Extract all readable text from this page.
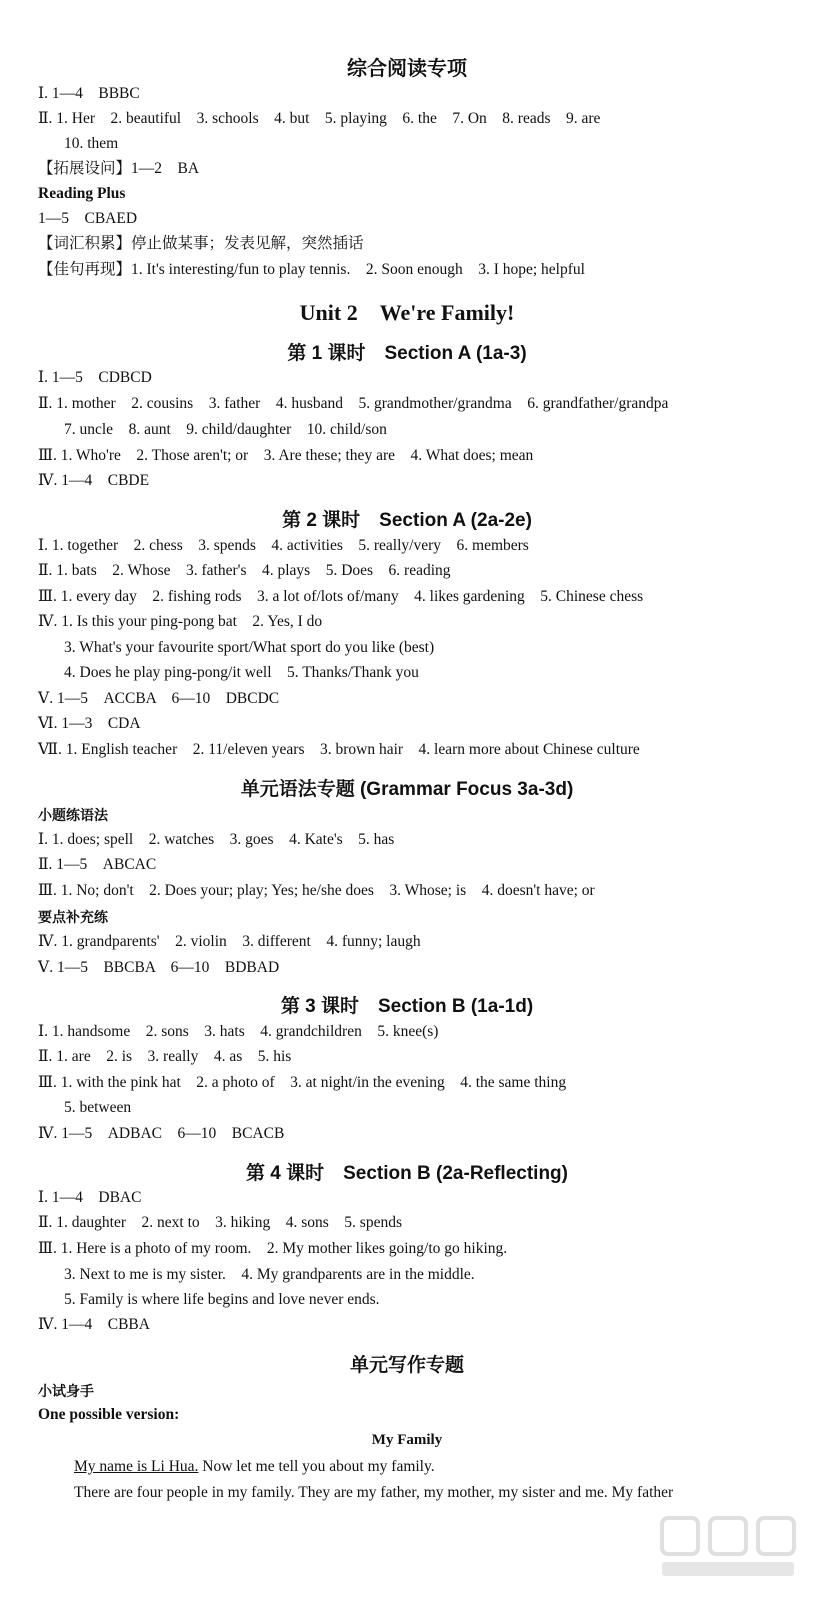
综合阅读专项
Ⅰ. 1—4　BBBC
Ⅱ. 1. Her　2. beautiful　3. schools　4. but　5. playing　6. the　7. On　8. reads　9. are
10. them
【拓展设问】1—2　BA
Reading Plus
1—5　CBAED
【词汇积累】停止做某事；发表见解，突然插话
【佳句再现】1. It's interesting/fun to play tennis.　2. Soon enough　3. I hope; helpful
Unit 2　We're Family!
第 1 课时　Section A (1a-3)
Ⅰ. 1—5　CDBCD
Ⅱ. 1. mother　2. cousins　3. father　4. husband　5. grandmother/grandma　6. grandfather/grandpa
7. uncle　8. aunt　9. child/daughter　10. child/son
Ⅲ. 1. Who're　2. Those aren't; or　3. Are these; they are　4. What does; mean
Ⅳ. 1—4　CBDE
第 2 课时　Section A (2a-2e)
Ⅰ. 1. together　2. chess　3. spends　4. activities　5. really/very　6. members
Ⅱ. 1. bats　2. Whose　3. father's　4. plays　5. Does　6. reading
Ⅲ. 1. every day　2. fishing rods　3. a lot of/lots of/many　4. likes gardening　5. Chinese chess
Ⅳ. 1. Is this your ping-pong bat　2. Yes, I do
3. What's your favourite sport/What sport do you like (best)
4. Does he play ping-pong/it well　5. Thanks/Thank you
Ⅴ. 1—5　ACCBA　6—10　DBCDC
Ⅵ. 1—3　CDA
Ⅶ. 1. English teacher　2. 11/eleven years　3. brown hair　4. learn more about Chinese culture
单元语法专题 (Grammar Focus 3a-3d)
小题练语法
Ⅰ. 1. does; spell　2. watches　3. goes　4. Kate's　5. has
Ⅱ. 1—5　ABCAC
Ⅲ. 1. No; don't　2. Does your; play; Yes; he/she does　3. Whose; is　4. doesn't have; or
要点补充练
Ⅳ. 1. grandparents'　2. violin　3. different　4. funny; laugh
Ⅴ. 1—5　BBCBA　6—10　BDBAD
第 3 课时　Section B (1a-1d)
Ⅰ. 1. handsome　2. sons　3. hats　4. grandchildren　5. knee(s)
Ⅱ. 1. are　2. is　3. really　4. as　5. his
Ⅲ. 1. with the pink hat　2. a photo of　3. at night/in the evening　4. the same thing
5. between
Ⅳ. 1—5　ADBAC　6—10　BCACB
第 4 课时　Section B (2a-Reflecting)
Ⅰ. 1—4　DBAC
Ⅱ. 1. daughter　2. next to　3. hiking　4. sons　5. spends
Ⅲ. 1. Here is a photo of my room.　2. My mother likes going/to go hiking.
3. Next to me is my sister.　4. My grandparents are in the middle.
5. Family is where life begins and love never ends.
Ⅳ. 1—4　CBBA
单元写作专题
小试身手
One possible version:
My Family
My name is Li Hua. Now let me tell you about my family.
There are four people in my family. They are my father, my mother, my sister and me. My father
